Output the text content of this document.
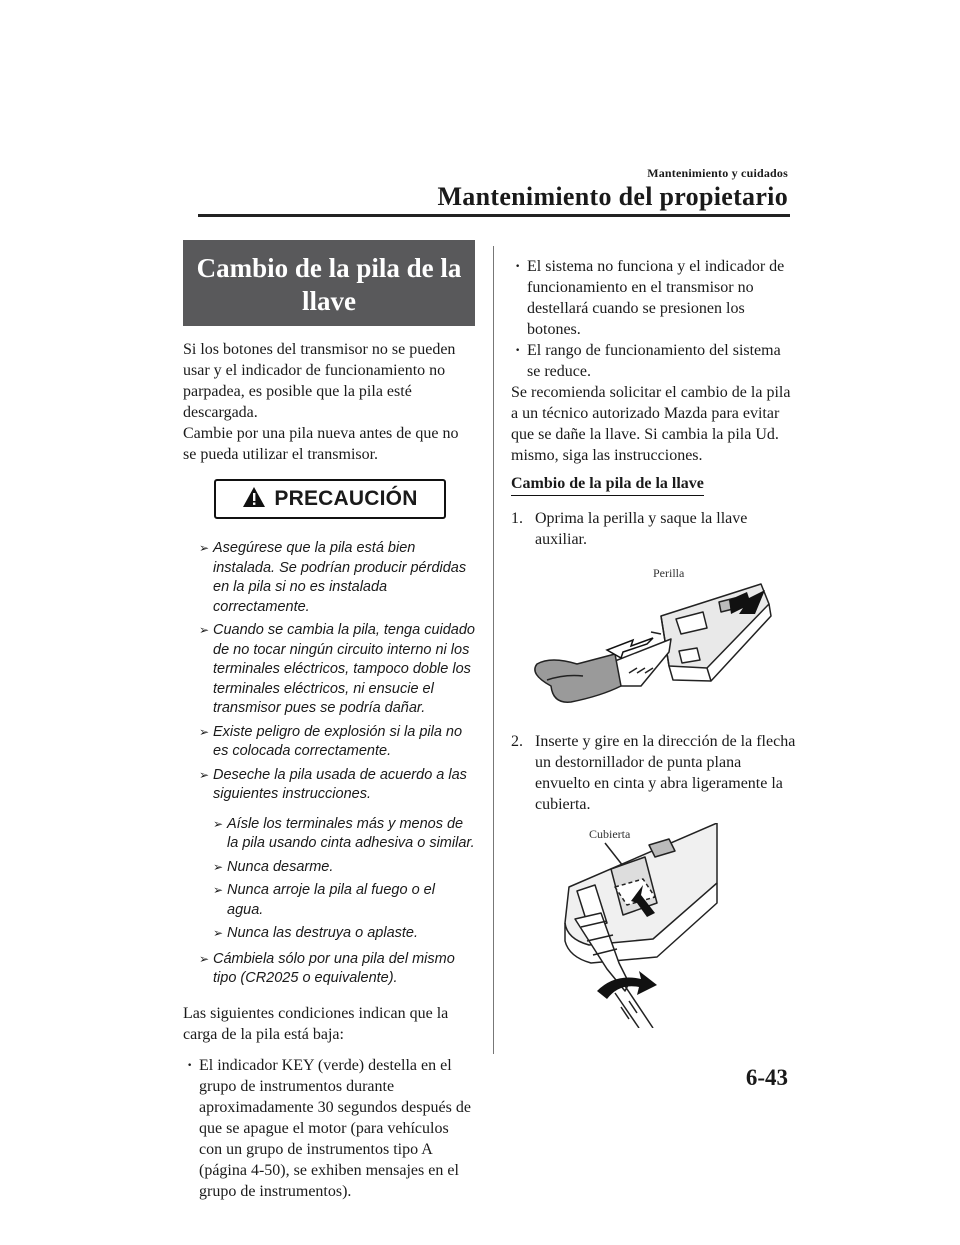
Mantenimiento y cuidados
Mantenimiento del propietario
Cambio de la pila de la llave

Si los botones del transmisor no se pueden usar y el indicador de funcionamiento no parpadea, es posible que la pila esté descargada.

Cambie por una pila nueva antes de que no se pueda utilizar el transmisor.

PRECAUCIÓN
➢ Asegúrese que la pila está bien instalada. Se podrían producir pérdidas en la pila si no es instalada correctamente.
➢ Cuando se cambia la pila, tenga cuidado de no tocar ningún circuito interno ni los terminales eléctricos, tampoco doble los terminales eléctricos, ni ensucie el transmisor pues se podría dañar.
➢ Existe peligro de explosión si la pila no es colocada correctamente.
➢ Deseche la pila usada de acuerdo a las siguientes instrucciones.
➢ Aísle los terminales más y menos de la pila usando cinta adhesiva o similar.
➢ Nunca desarme.
➢ Nunca arroje la pila al fuego o el agua.
➢ Nunca las destruya o aplaste.
➢ Cámbiela sólo por una pila del mismo tipo (CR2025 o equivalente).

Las siguientes condiciones indican que la carga de la pila está baja:

· El indicador KEY (verde) destella en el grupo de instrumentos durante aproximadamente 30 segundos después de que se apague el motor (para vehículos con un grupo de instrumentos tipo A (página 4-50), se exhiben mensajes en el grupo de instrumentos).
· El sistema no funciona y el indicador de funcionamiento en el transmisor no destellará cuando se presionen los botones.
· El rango de funcionamiento del sistema se reduce.

Se recomienda solicitar el cambio de la pila a un técnico autorizado Mazda para evitar que se dañe la llave. Si cambia la pila Ud. mismo, siga las instrucciones.

Cambio de la pila de la llave
1. Oprima la perilla y saque la llave auxiliar.
Perilla
2. Inserte y gire en la dirección de la flecha un destornillador de punta plana envuelto en cinta y abra ligeramente la cubierta.
Cubierta
6-43
